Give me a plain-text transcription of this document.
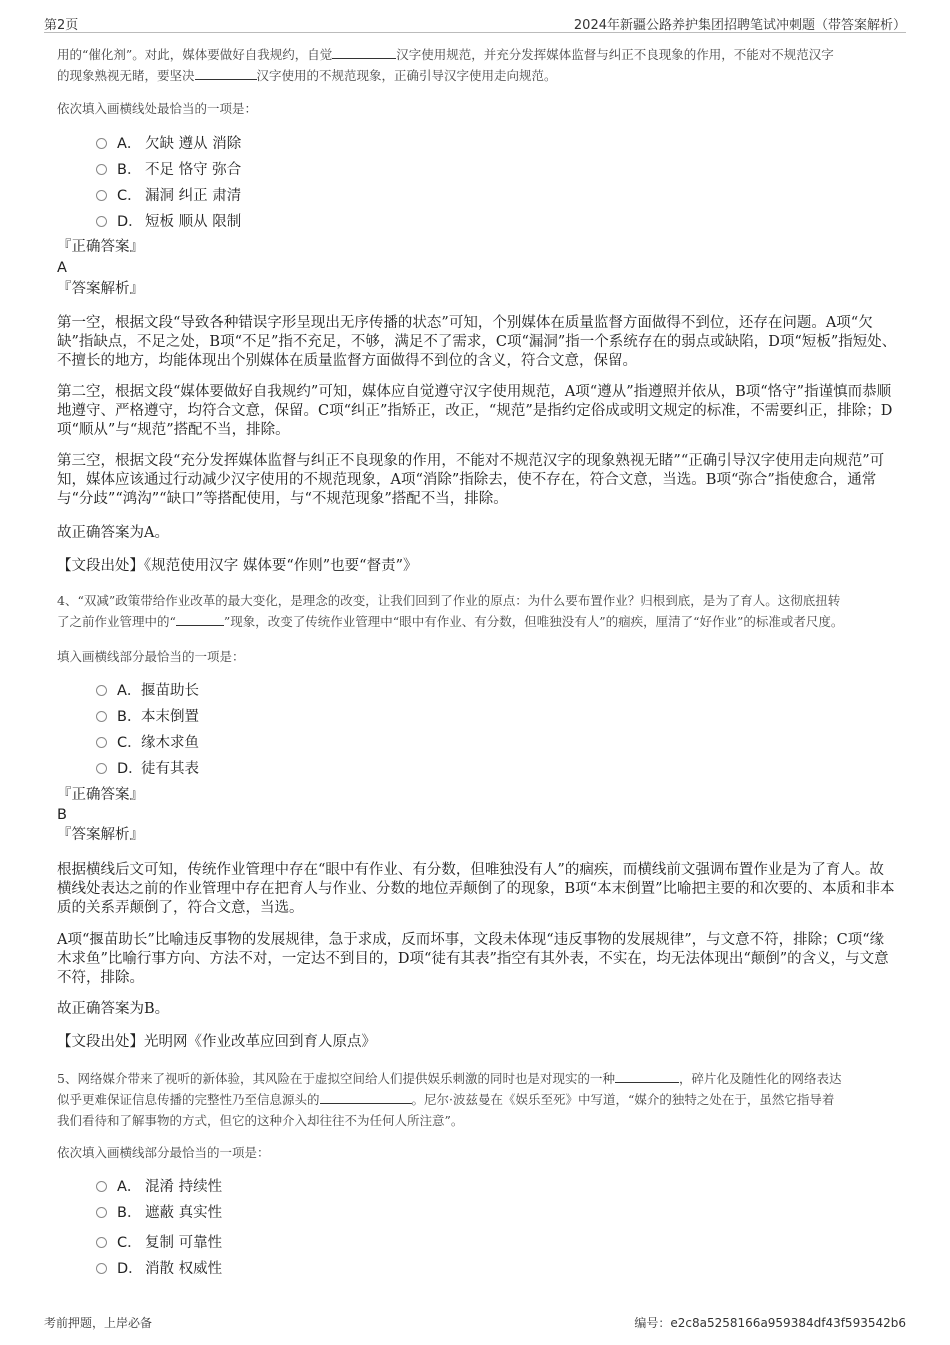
第2页	2024年新疆公路养护集团招聘笔试冲刺题（带答案解析）
用的“催化剂”。对此，媒体要做好自我规约，自觉	汉字使用规范，并充分发挥媒体监督与纠正不良现象的作用，不能对不规范汉字
的现象熟视无睹，要坚决	汉字使用的不规范现象，正确引导汉字使用走向规范。
依次填入画横线处最恰当的一项是：
A． 欠缺 遵从 消除
B． 不足 恪守 弥合
C． 漏洞 纠正 肃清
D． 短板 顺从 限制
『正确答案』
A
『答案解析』
第一空，根据文段“导致各种错误字形呈现出无序传播的状态”可知，个别媒体在质量监督方面做得不到位，还存在问题。A项“欠缺”指缺点，不足之处，B项“不足”指不充足，不够，满足不了需求，C项“漏洞”指一个系统存在的弱点或缺陷，D项“短板”指短处、不擅长的地方，均能体现出个别媒体在质量监督方面做得不到位的含义，符合文意，保留。
第二空，根据文段“媒体要做好自我规约”可知，媒体应自觉遵守汉字使用规范，A项“遵从”指遵照并依从，B项“恪守”指谨慎而恭顺地遵守、严格遵守，均符合文意，保留。C项“纠正”指矫正，改正，“规范”是指约定俗成或明文规定的标准，不需要纠正，排除；D项“顺从”与“规范”搭配不当，排除。
第三空，根据文段“充分发挥媒体监督与纠正不良现象的作用，不能对不规范汉字的现象熟视无睹”“正确引导汉字使用走向规范”可知，媒体应该通过行动减少汉字使用的不规范现象，A项“消除”指除去，使不存在，符合文意，当选。B项“弥合”指使愈合，通常与“分歧”“鸿沟”“缺口”等搭配使用，与“不规范现象”搭配不当，排除。
故正确答案为A。
【文段出处】《规范使用汉字 媒体要“作则”也要“督责”》
4、“双减”政策带给作业改革的最大变化，是理念的改变，让我们回到了作业的原点：为什么要布置作业？归根到底，是为了育人。这彻底扭转
了之前作业管理中的“	”现象，改变了传统作业管理中“眼中有作业、有分数，但唯独没有人”的痼疾，厘清了“好作业”的标准或者尺度。
填入画横线部分最恰当的一项是：
A．揠苗助长
B．本末倒置
C．缘木求鱼
D．徒有其表
『正确答案』
B
『答案解析』
根据横线后文可知，传统作业管理中存在“眼中有作业、有分数，但唯独没有人”的痼疾，而横线前文强调布置作业是为了育人。故横线处表达之前的作业管理中存在把育人与作业、分数的地位弄颠倒了的现象，B项“本末倒置”比喻把主要的和次要的、本质和非本质的关系弄颠倒了，符合文意，当选。
A项“揠苗助长”比喻违反事物的发展规律，急于求成，反而坏事，文段未体现“违反事物的发展规律”，与文意不符，排除；C项“缘木求鱼”比喻行事方向、方法不对，一定达不到目的，D项“徒有其表”指空有其外表，不实在，均无法体现出“颠倒”的含义，与文意不符，排除。
故正确答案为B。
【文段出处】光明网《作业改革应回到育人原点》
5、网络媒介带来了视听的新体验，其风险在于虚拟空间给人们提供娱乐刺激的同时也是对现实的一种	，碎片化及随性化的网络表达
似乎更难保证信息传播的完整性乃至信息源头的	。尼尔·波兹曼在《娱乐至死》中写道，“媒介的独特之处在于，虽然它指导着
我们看待和了解事物的方式，但它的这种介入却往往不为任何人所注意”。
依次填入画横线部分最恰当的一项是：
A． 混淆 持续性
B． 遮蔽 真实性
C． 复制 可靠性
D． 消散 权威性
考前押题，上岸必备	编号：e2c8a5258166a959384df43f593542b6
